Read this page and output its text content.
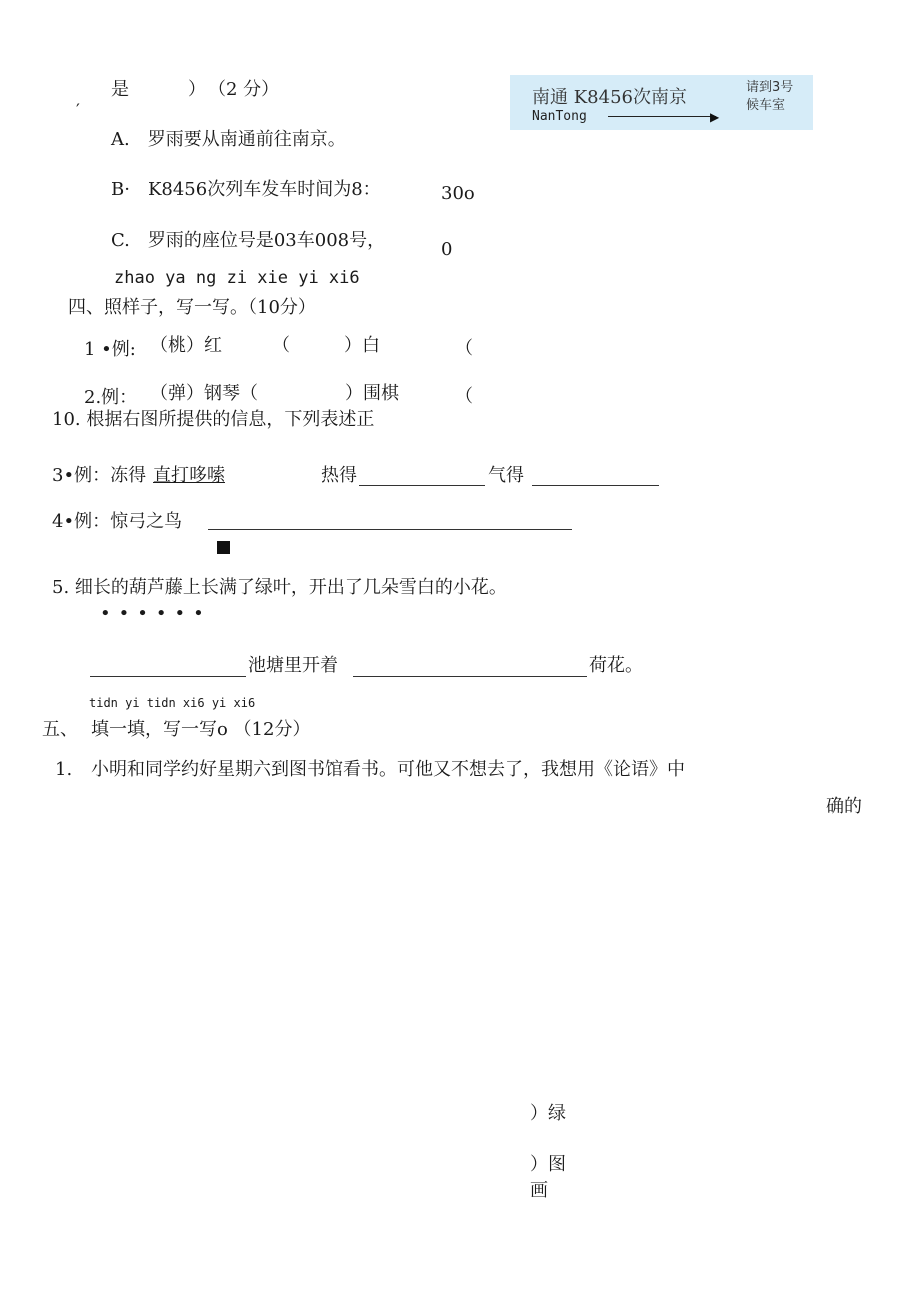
是	） （2 分）
′
A.　罗雨要从南通前往南京。
B·　K8456次列车发车时间为8：	30o
C.　罗雨的座位号是03车008号，	0
南通 K8456次南京
NanTong	▶
请到3号
候车室
zhao ya ng zi xie yi xi6
四、照样子，写一写。（10分）
1 •例: （桃）红	（　　　）白	（
2.例： （弹）钢琴（	）围棋	（
10. 根据右图所提供的信息，下列表述正
3•例：冻得 直打哆嗦	热得	气得
4•例：惊弓之鸟
5. 细长的葫芦藤上长满了绿叶，开出了几朵雪白的小花。
••••••
池塘里开着	荷花。
tidn yi tidn xi6 yi xi6
五、 填一填，写一写o （12分）
1. 小明和同学约好星期六到图书馆看书。可他又不想去了，我想用《论语》中
确的
）绿
）图
画
